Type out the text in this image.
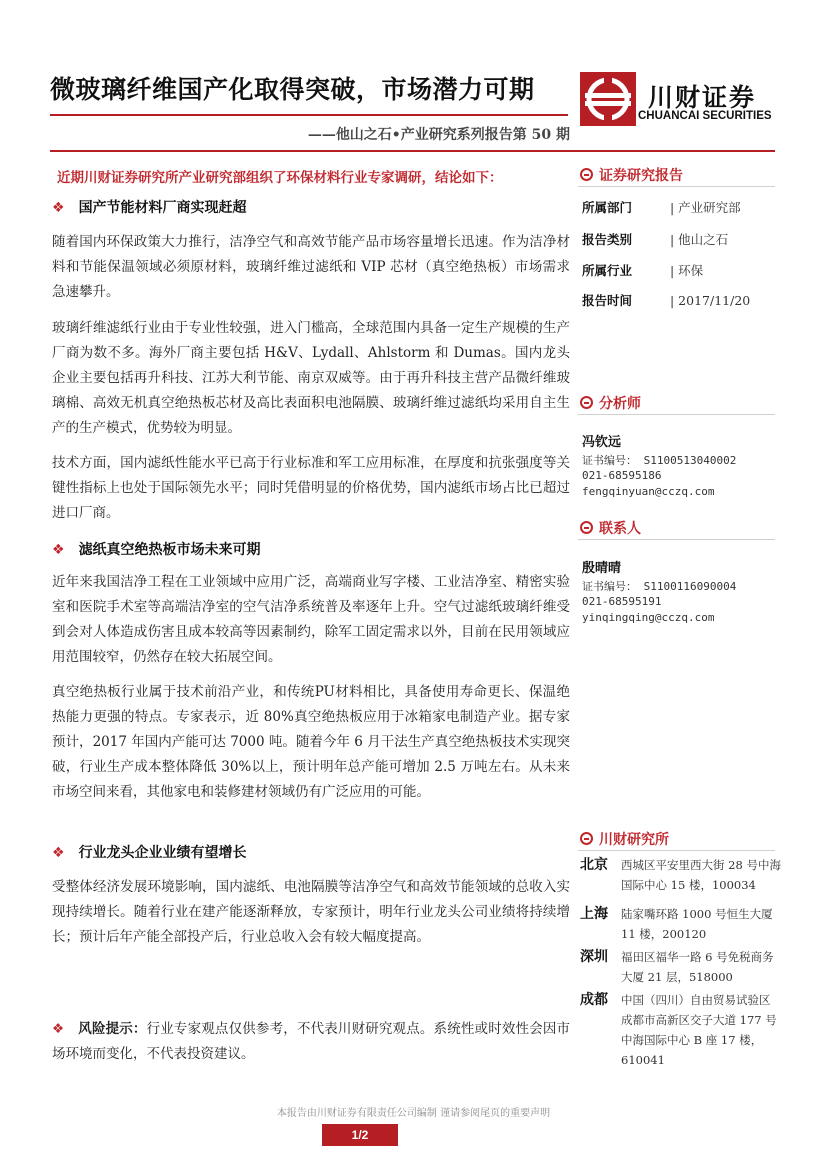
微玻璃纤维国产化取得突破，市场潜力可期
——他山之石•产业研究系列报告第 50 期
川财证券
CHUANCAI SECURITIES
近期川财证券研究所产业研究部组织了环保材料行业专家调研，结论如下：
❖ 国产节能材料厂商实现赶超
随着国内环保政策大力推行，洁净空气和高效节能产品市场容量增长迅速。作为洁净材料和节能保温领域必须原材料，玻璃纤维过滤纸和 VIP 芯材（真空绝热板）市场需求急速攀升。
玻璃纤维滤纸行业由于专业性较强，进入门槛高，全球范围内具备一定生产规模的生产厂商为数不多。海外厂商主要包括 H&V、Lydall、Ahlstorm 和 Dumas。国内龙头企业主要包括再升科技、江苏大利节能、南京双威等。由于再升科技主营产品微纤维玻璃棉、高效无机真空绝热板芯材及高比表面积电池隔膜、玻璃纤维过滤纸均采用自主生产的生产模式，优势较为明显。
技术方面，国内滤纸性能水平已高于行业标准和军工应用标准，在厚度和抗张强度等关键性指标上也处于国际领先水平；同时凭借明显的价格优势，国内滤纸市场占比已超过进口厂商。
❖ 滤纸真空绝热板市场未来可期
近年来我国洁净工程在工业领域中应用广泛，高端商业写字楼、工业洁净室、精密实验室和医院手术室等高端洁净室的空气洁净系统普及率逐年上升。空气过滤纸玻璃纤维受到会对人体造成伤害且成本较高等因素制约，除军工固定需求以外，目前在民用领域应用范围较窄，仍然存在较大拓展空间。
真空绝热板行业属于技术前沿产业，和传统PU材料相比，具备使用寿命更长、保温绝热能力更强的特点。专家表示，近 80%真空绝热板应用于冰箱家电制造产业。据专家预计，2017 年国内产能可达 7000 吨。随着今年 6 月干法生产真空绝热板技术实现突破，行业生产成本整体降低 30%以上，预计明年总产能可增加 2.5 万吨左右。从未来市场空间来看，其他家电和装修建材领域仍有广泛应用的可能。
❖ 行业龙头企业业绩有望增长
受整体经济发展环境影响，国内滤纸、电池隔膜等洁净空气和高效节能领域的总收入实现持续增长。随着行业在建产能逐渐释放，专家预计，明年行业龙头公司业绩将持续增长；预计后年产能全部投产后，行业总收入会有较大幅度提高。
❖ 风险提示：行业专家观点仅供参考，不代表川财研究观点。系统性或时效性会因市场环境而变化，不代表投资建议。
证券研究报告
所属部门	| 产业研究部
报告类别	| 他山之石
所属行业	| 环保
报告时间	| 2017/11/20
分析师
冯钦远
证书编号： S1100513040002
021-68595186
fengqinyuan@cczq.com
联系人
殷晴晴
证书编号： S1100116090004
021-68595191
yinqingqing@cczq.com
川财研究所
北京 西城区平安里西大街 28 号中海国际中心 15 楼，100034
上海 陆家嘴环路 1000 号恒生大厦 11 楼，200120
深圳 福田区福华一路 6 号免税商务大厦 21 层，518000
成都 中国（四川）自由贸易试验区成都市高新区交子大道 177 号中海国际中心 B 座 17 楼，610041
本报告由川财证券有限责任公司编制 谨请参阅尾页的重要声明
1/2
